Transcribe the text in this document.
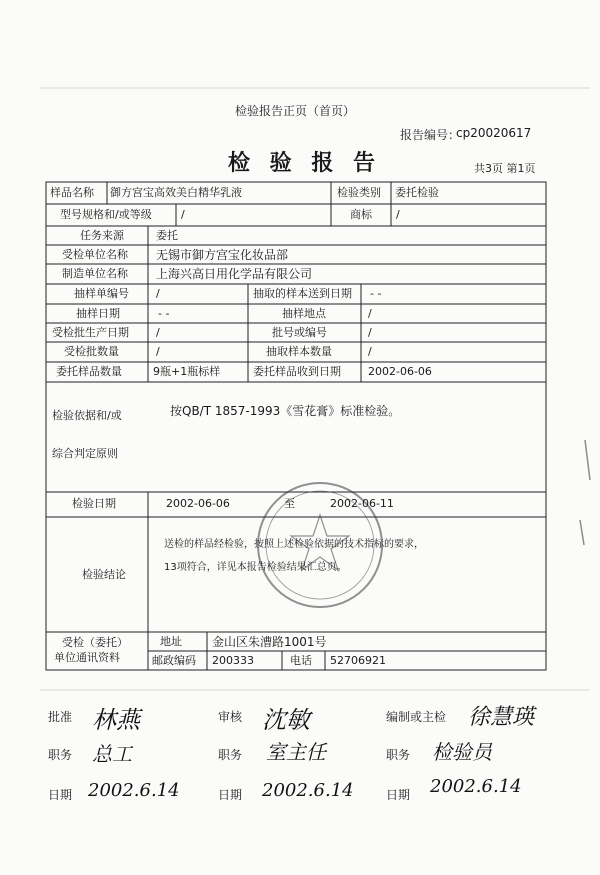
检验报告正页（首页）
报告编号：
cp20020617
检 验 报 告	共3页 第1页
样品名称 御方宫宝高效美白精华乳液	检验类别 委托检验
型号规格和/或等级	/	商标 /
任务来源	委托
受检单位名称 无锡市御方宫宝化妆品部
制造单位名称 上海兴高日用化学品有限公司
抽样单编号 /	抽取的样本送到日期 - -
抽样日期	- -	抽样地点	/
受检批生产日期 /	批号或编号	/
受检批数量	/	抽取样本数量	/
委托样品数量	9瓶+1瓶标样	委托样品收到日期 2002-06-06
检验依据和/或
综合判定原则
按QB/T 1857-1993《雪花膏》标准检验。
检验日期	2002-06-06	至	2002-06-11
检验结论
送检的样品经检验，按照上述检验依据的技术指标的要求，
13项符合，详见本报告检验结果汇总页。
受检（委托）
单位通讯资料
地址	金山区朱漕路1001号
邮政编码 200333	电话 52706921
批准 林燕	审核 沈敏	编制或主检 徐慧瑛
职务 总工	职务 室主任	职务 检验员
日期 2002.6.14	日期 2002.6.14	日期 2002.6.14
